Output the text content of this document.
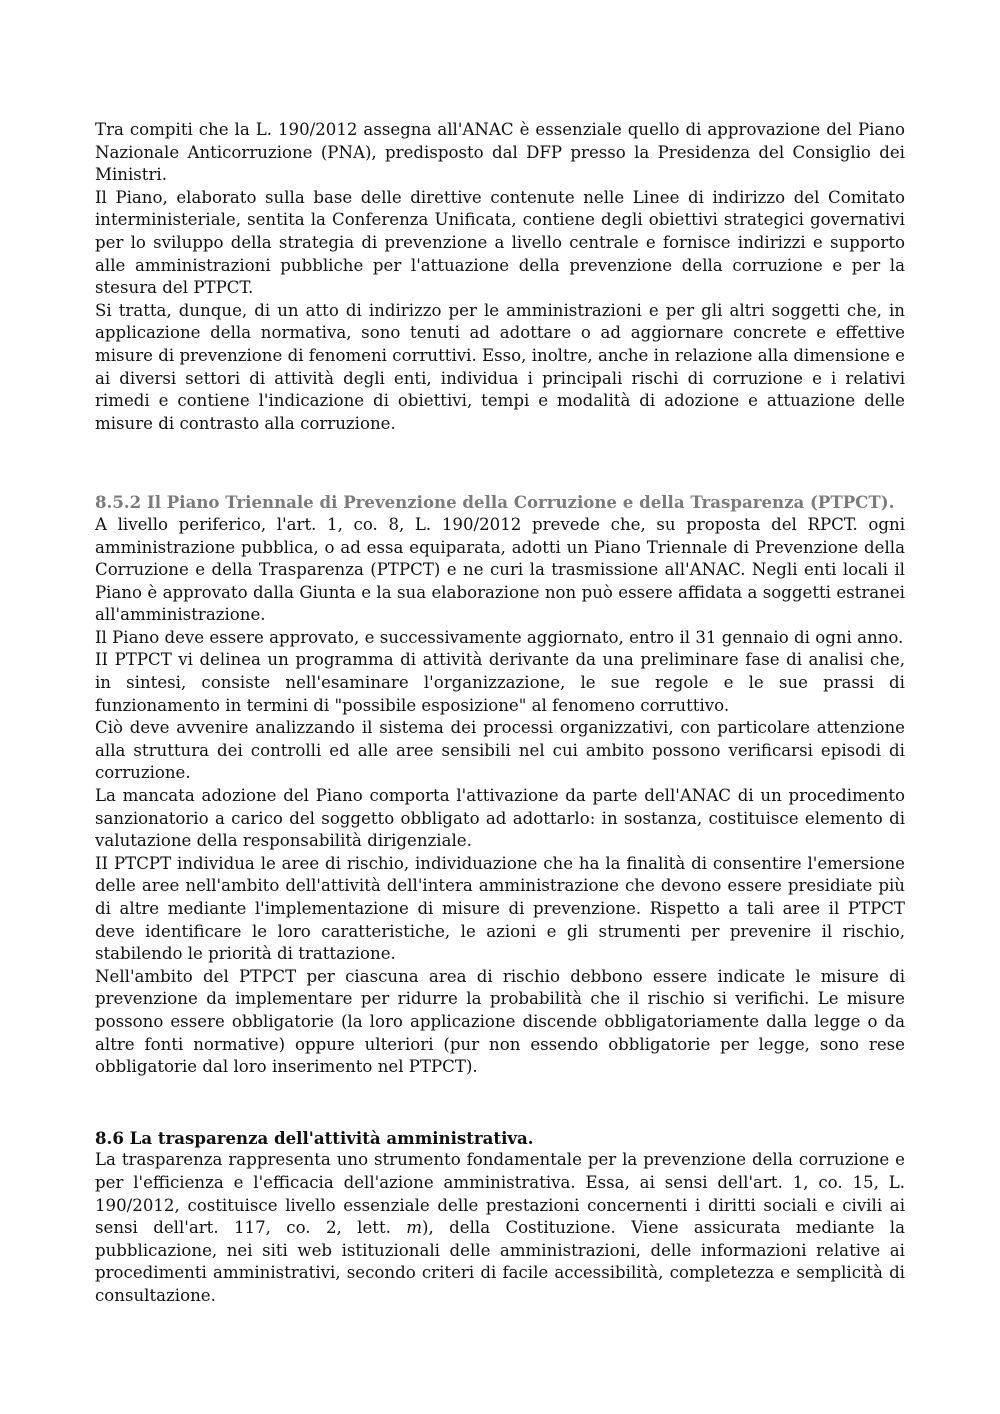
Tra compiti che la L. 190/2012 assegna all'ANAC è essenziale quello di approvazione del Piano Nazionale Anticorruzione (PNA), predisposto dal DFP presso la Presidenza del Consiglio dei Ministri.

Il Piano, elaborato sulla base delle direttive contenute nelle Linee di indirizzo del Comitato interministeriale, sentita la Conferenza Unificata, contiene degli obiettivi strategici governativi per lo sviluppo della strategia di prevenzione a livello centrale e fornisce indirizzi e supporto alle amministrazioni pubbliche per l'attuazione della prevenzione della corruzione e per la stesura del PTPCT.

Si tratta, dunque, di un atto di indirizzo per le amministrazioni e per gli altri soggetti che, in applicazione della normativa, sono tenuti ad adottare o ad aggiornare concrete e effettive misure di prevenzione di fenomeni corruttivi. Esso, inoltre, anche in relazione alla dimensione e ai diversi settori di attività degli enti, individua i principali rischi di corruzione e i relativi rimedi e contiene l'indicazione di obiettivi, tempi e modalità di adozione e attuazione delle misure di contrasto alla corruzione.

8.5.2 Il Piano Triennale di Prevenzione della Corruzione e della Trasparenza (PTPCT).

A livello periferico, l'art. 1, co. 8, L. 190/2012 prevede che, su proposta del RPCT. ogni amministrazione pubblica, o ad essa equiparata, adotti un Piano Triennale di Prevenzione della Corruzione e della Trasparenza (PTPCT) e ne curi la trasmissione all'ANAC. Negli enti locali il Piano è approvato dalla Giunta e la sua elaborazione non può essere affidata a soggetti estranei all'amministrazione.

Il Piano deve essere approvato, e successivamente aggiornato, entro il 31 gennaio di ogni anno.

II PTPCT vi delinea un programma di attività derivante da una preliminare fase di analisi che, in sintesi, consiste nell'esaminare l'organizzazione, le sue regole e le sue prassi di funzionamento in termini di "possibile esposizione" al fenomeno corruttivo.

Ciò deve avvenire analizzando il sistema dei processi organizzativi, con particolare attenzione alla struttura dei controlli ed alle aree sensibili nel cui ambito possono verificarsi episodi di corruzione.

La mancata adozione del Piano comporta l'attivazione da parte dell'ANAC di un procedimento sanzionatorio a carico del soggetto obbligato ad adottarlo: in sostanza, costituisce elemento di valutazione della responsabilità dirigenziale.

II PTCPT individua le aree di rischio, individuazione che ha la finalità di consentire l'emersione delle aree nell'ambito dell'attività dell'intera amministrazione che devono essere presidiate più di altre mediante l'implementazione di misure di prevenzione. Rispetto a tali aree il PTPCT deve identificare le loro caratteristiche, le azioni e gli strumenti per prevenire il rischio, stabilendo le priorità di trattazione.

Nell'ambito del PTPCT per ciascuna area di rischio debbono essere indicate le misure di prevenzione da implementare per ridurre la probabilità che il rischio si verifichi. Le misure possono essere obbligatorie (la loro applicazione discende obbligatoriamente dalla legge o da altre fonti normative) oppure ulteriori (pur non essendo obbligatorie per legge, sono rese obbligatorie dal loro inserimento nel PTPCT).

8.6 La trasparenza dell'attività amministrativa.

La trasparenza rappresenta uno strumento fondamentale per la prevenzione della corruzione e per l'efficienza e l'efficacia dell'azione amministrativa. Essa, ai sensi dell'art. 1, co. 15, L. 190/2012, costituisce livello essenziale delle prestazioni concernenti i diritti sociali e civili ai sensi dell'art. 117, co. 2, lett. m), della Costituzione. Viene assicurata mediante la pubblicazione, nei siti web istituzionali delle amministrazioni, delle informazioni relative ai procedimenti amministrativi, secondo criteri di facile accessibilità, completezza e semplicità di consultazione.
